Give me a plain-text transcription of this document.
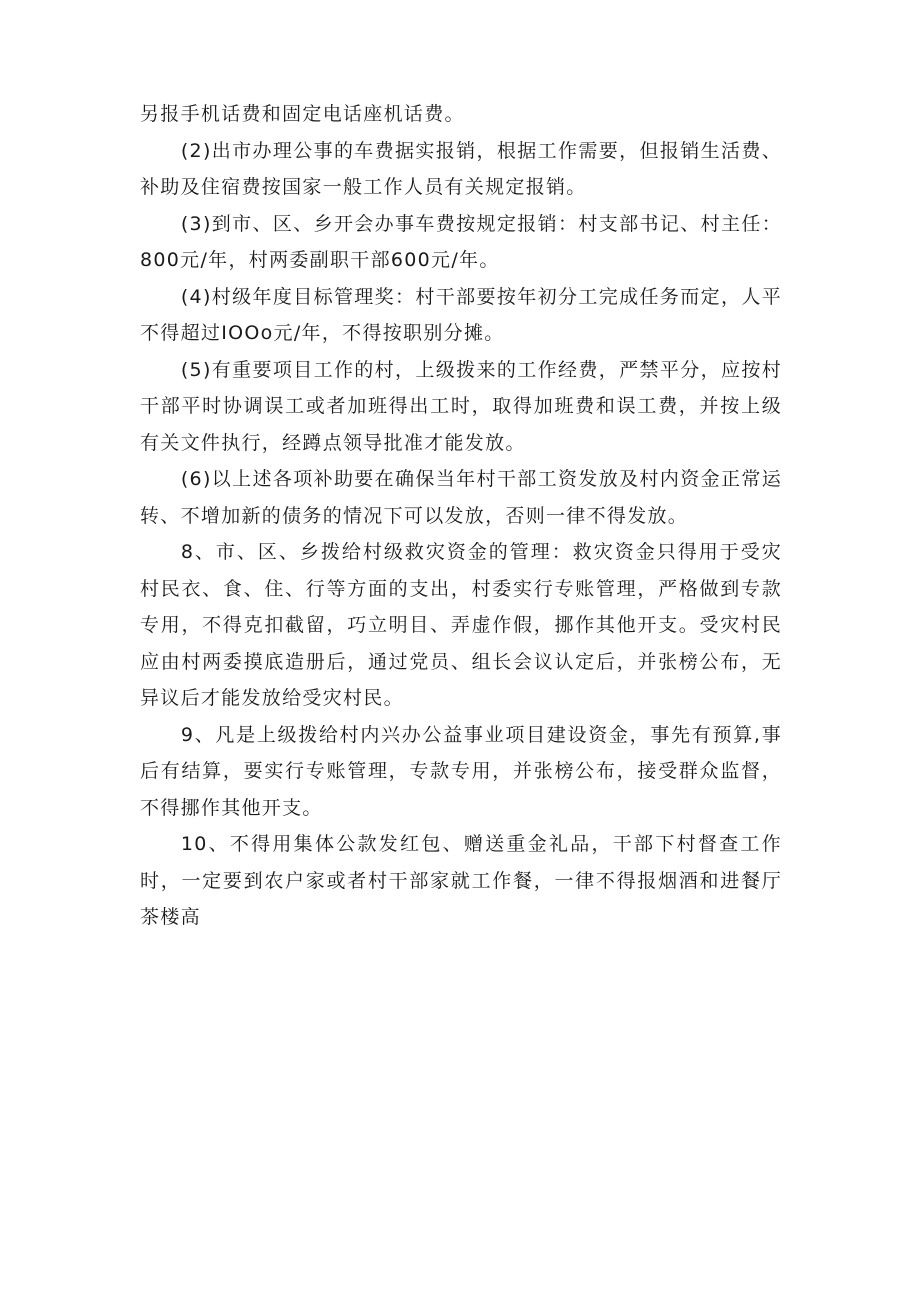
另报手机话费和固定电话座机话费。

(2)出市办理公事的车费据实报销，根据工作需要，但报销生活费、补助及住宿费按国家一般工作人员有关规定报销。

(3)到市、区、乡开会办事车费按规定报销：村支部书记、村主任：800元/年，村两委副职干部600元/年。

(4)村级年度目标管理奖：村干部要按年初分工完成任务而定，人平不得超过IOOo元/年，不得按职别分摊。

(5)有重要项目工作的村，上级拨来的工作经费，严禁平分，应按村干部平时协调误工或者加班得出工时，取得加班费和误工费，并按上级有关文件执行，经蹲点领导批准才能发放。

(6)以上述各项补助要在确保当年村干部工资发放及村内资金正常运转、不增加新的债务的情况下可以发放，否则一律不得发放。

8、市、区、乡拨给村级救灾资金的管理：救灾资金只得用于受灾村民衣、食、住、行等方面的支出，村委实行专账管理，严格做到专款专用，不得克扣截留，巧立明目、弄虚作假，挪作其他开支。受灾村民应由村两委摸底造册后，通过党员、组长会议认定后，并张榜公布，无异议后才能发放给受灾村民。

9、凡是上级拨给村内兴办公益事业项目建设资金，事先有预算,事后有结算，要实行专账管理，专款专用，并张榜公布，接受群众监督，不得挪作其他开支。

10、不得用集体公款发红包、赠送重金礼品，干部下村督查工作时，一定要到农户家或者村干部家就工作餐，一律不得报烟酒和进餐厅茶楼高
